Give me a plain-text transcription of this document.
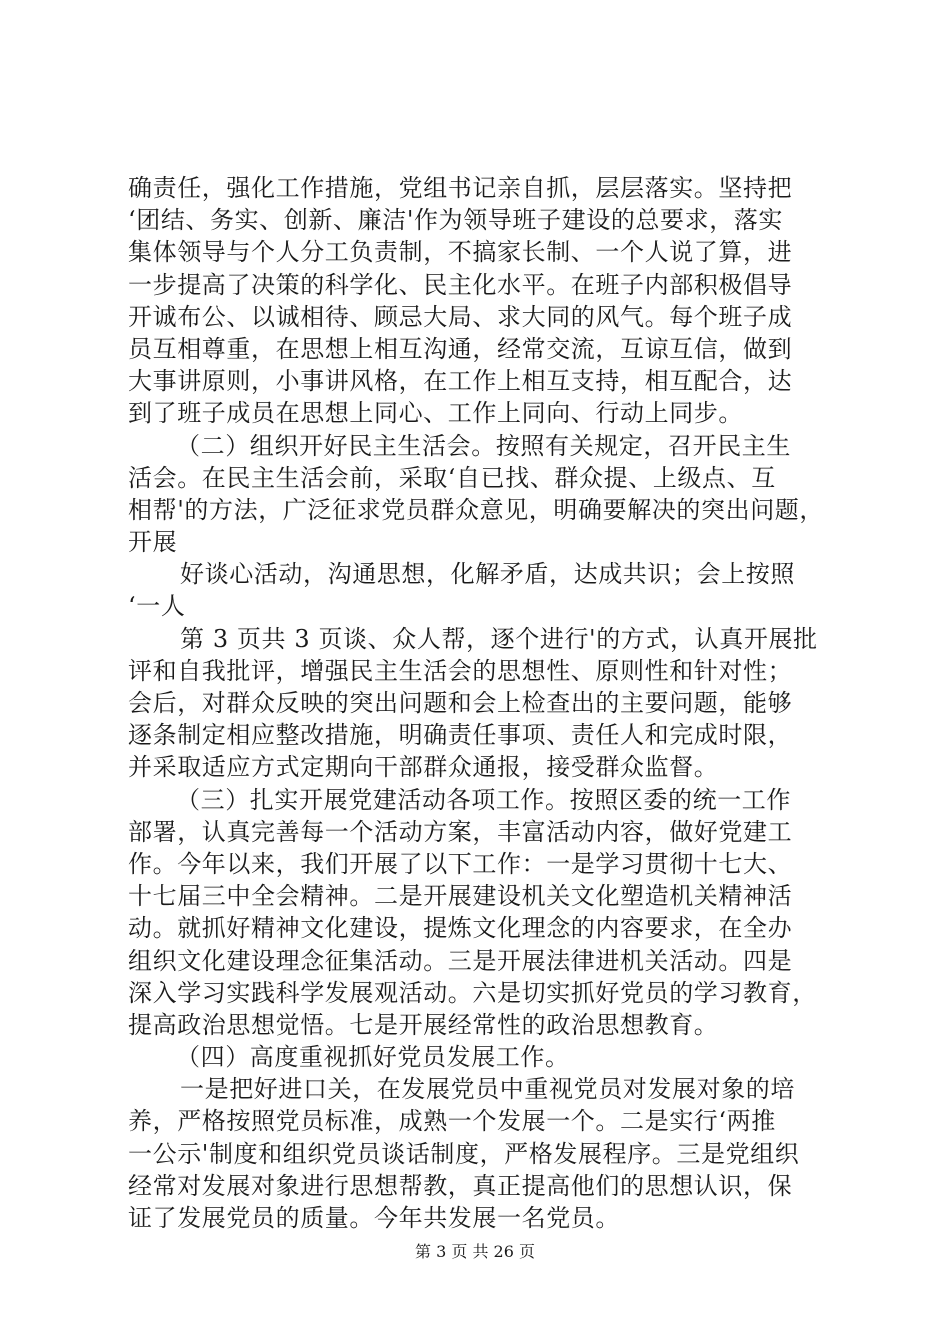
确责任，强化工作措施，党组书记亲自抓，层层落实。坚持把
‘团结、务实、创新、廉洁'作为领导班子建设的总要求，落实
集体领导与个人分工负责制，不搞家长制、一个人说了算，进
一步提高了决策的科学化、民主化水平。在班子内部积极倡导
开诚布公、以诚相待、顾忌大局、求大同的风气。每个班子成
员互相尊重，在思想上相互沟通，经常交流，互谅互信，做到
大事讲原则，小事讲风格，在工作上相互支持，相互配合，达
到了班子成员在思想上同心、工作上同向、行动上同步。
（二）组织开好民主生活会。按照有关规定，召开民主生
活会。在民主生活会前，采取‘自已找、群众提、上级点、互
相帮'的方法，广泛征求党员群众意见，明确要解决的突出问题，
开展
好谈心活动，沟通思想，化解矛盾，达成共识；会上按照
‘一人
第 3 页共 3 页谈、众人帮，逐个进行'的方式，认真开展批
评和自我批评，增强民主生活会的思想性、原则性和针对性；
会后，对群众反映的突出问题和会上检查出的主要问题，能够
逐条制定相应整改措施，明确责任事项、责任人和完成时限，
并采取适应方式定期向干部群众通报，接受群众监督。
（三）扎实开展党建活动各项工作。按照区委的统一工作
部署，认真完善每一个活动方案，丰富活动内容，做好党建工
作。今年以来，我们开展了以下工作：一是学习贯彻十七大、
十七届三中全会精神。二是开展建设机关文化塑造机关精神活
动。就抓好精神文化建设，提炼文化理念的内容要求，在全办
组织文化建设理念征集活动。三是开展法律进机关活动。四是
深入学习实践科学发展观活动。六是切实抓好党员的学习教育，
提高政治思想觉悟。七是开展经常性的政治思想教育。
（四）高度重视抓好党员发展工作。
一是把好进口关，在发展党员中重视党员对发展对象的培
养，严格按照党员标准，成熟一个发展一个。二是实行‘两推
一公示'制度和组织党员谈话制度，严格发展程序。三是党组织
经常对发展对象进行思想帮教，真正提高他们的思想认识，保
证了发展党员的质量。今年共发展一名党员。
第 3 页 共 26 页
